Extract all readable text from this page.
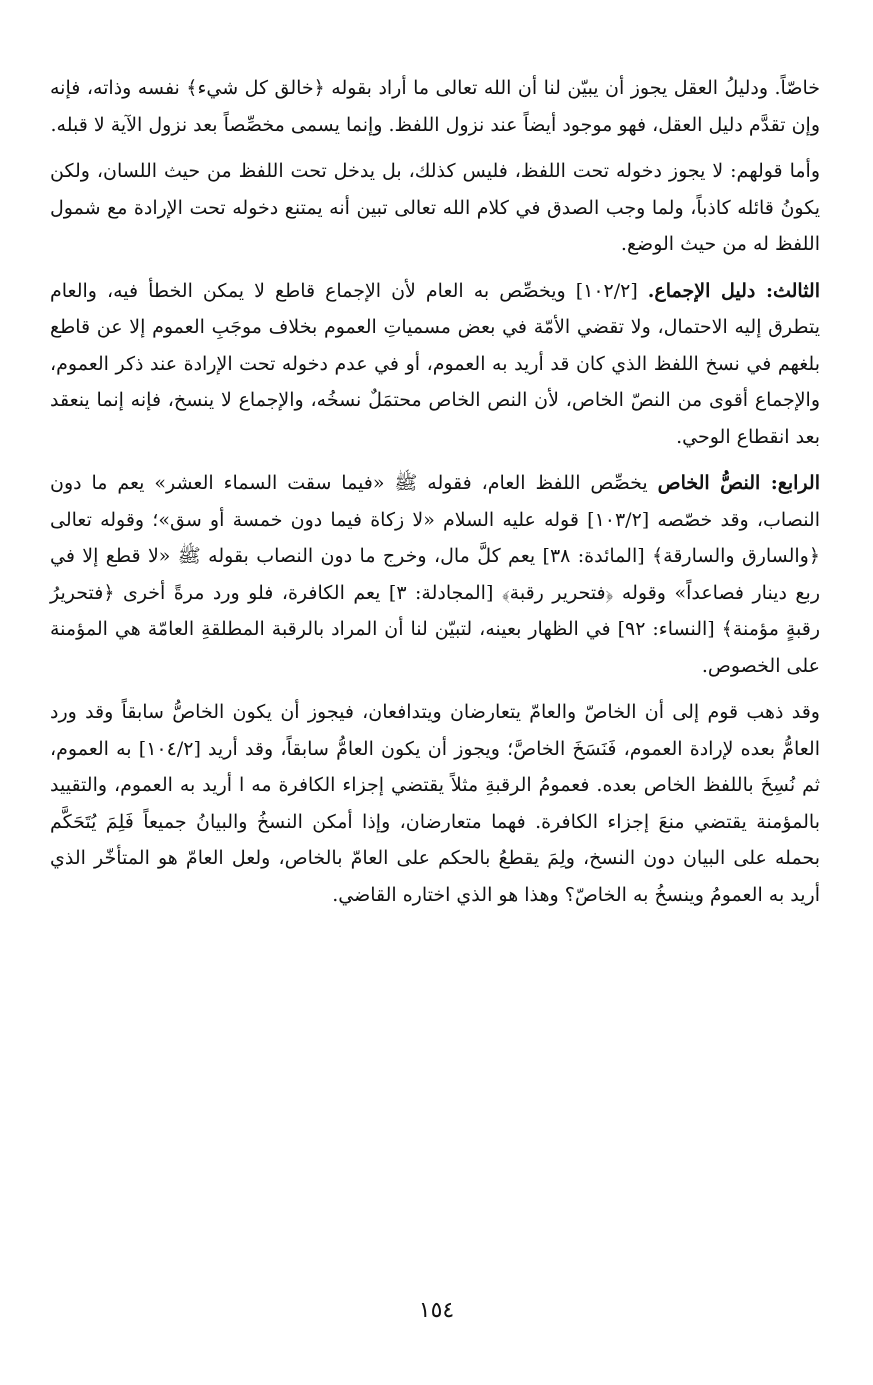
خاصّاً. ودليلُ العقل يجوز أن يبيّن لنا أن الله تعالى ما أراد بقوله ﴿خالق كل شيء﴾ نفسه وذاته، فإنه وإن تقدَّم دليل العقل، فهو موجود أيضاً عند نزول اللفظ. وإنما يسمى مخصِّصاً بعد نزول الآية لا قبله.

وأما قولهم: لا يجوز دخوله تحت اللفظ، فليس كذلك، بل يدخل تحت اللفظ من حيث اللسان، ولكن يكونُ قائله كاذباً، ولما وجب الصدق في كلام الله تعالى تبين أنه يمتنع دخوله تحت الإرادة مع شمول اللفظ له من حيث الوضع.

الثالث: دليل الإجماع. [١٠٢/٢] ويخصِّص به العام لأن الإجماع قاطع لا يمكن الخطأ فيه، والعام يتطرق إليه الاحتمال، ولا تقضي الأمّة في بعض مسمياتِ العموم بخلاف موجَبِ العموم إلا عن قاطع بلغهم في نسخ اللفظ الذي كان قد أريد به العموم، أو في عدم دخوله تحت الإرادة عند ذكر العموم، والإجماع أقوى من النصّ الخاص، لأن النص الخاص محتمَلٌ نسخُه، والإجماع لا ينسخ، فإنه إنما ينعقد بعد انقطاع الوحي.

الرابع: النصُّ الخاص يخصِّص اللفظ العام، فقوله ﷺ «فيما سقت السماء العشر» يعم ما دون النصاب، وقد خصّصه [١٠٣/٢] قوله عليه السلام «لا زكاة فيما دون خمسة أو سق»؛ وقوله تعالى ﴿والسارق والسارقة﴾ [المائدة: ٣٨] يعم كلَّ مال، وخرج ما دون النصاب بقوله ﷺ «لا قطع إلا في ربع دينار فصاعداً» وقوله ﴿فتحرير رقبة﴾ [المجادلة: ٣] يعم الكافرة، فلو ورد مرةً أخرى ﴿فتحريرُ رقبةٍ مؤمنة﴾ [النساء: ٩٢] في الظهار بعينه، لتبيّن لنا أن المراد بالرقبة المطلقةِ العامّة هي المؤمنة على الخصوص.

وقد ذهب قوم إلى أن الخاصّ والعامّ يتعارضان ويتدافعان، فيجوز أن يكون الخاصُّ سابقاً وقد ورد العامُّ بعده لإرادة العموم، فَنَسَخَ الخاصَّ؛ ويجوز أن يكون العامُّ سابقاً، وقد أريد [١٠٤/٢] به العموم، ثم نُسِخَ باللفظ الخاص بعده. فعمومُ الرقبةِ مثلاً يقتضي إجزاء الكافرة مه ا أريد به العموم، والتقييد بالمؤمنة يقتضي منعَ إجزاء الكافرة. فهما متعارضان، وإذا أمكن النسخُ والبيانُ جميعاً فَلِمَ يُتَحَكَّم بحمله على البيان دون النسخ، ولِمَ يقطعُ بالحكم على العامّ بالخاص، ولعل العامّ هو المتأخّر الذي أريد به العمومُ وينسخُ به الخاصّ؟ وهذا هو الذي اختاره القاضي.

١٥٤
